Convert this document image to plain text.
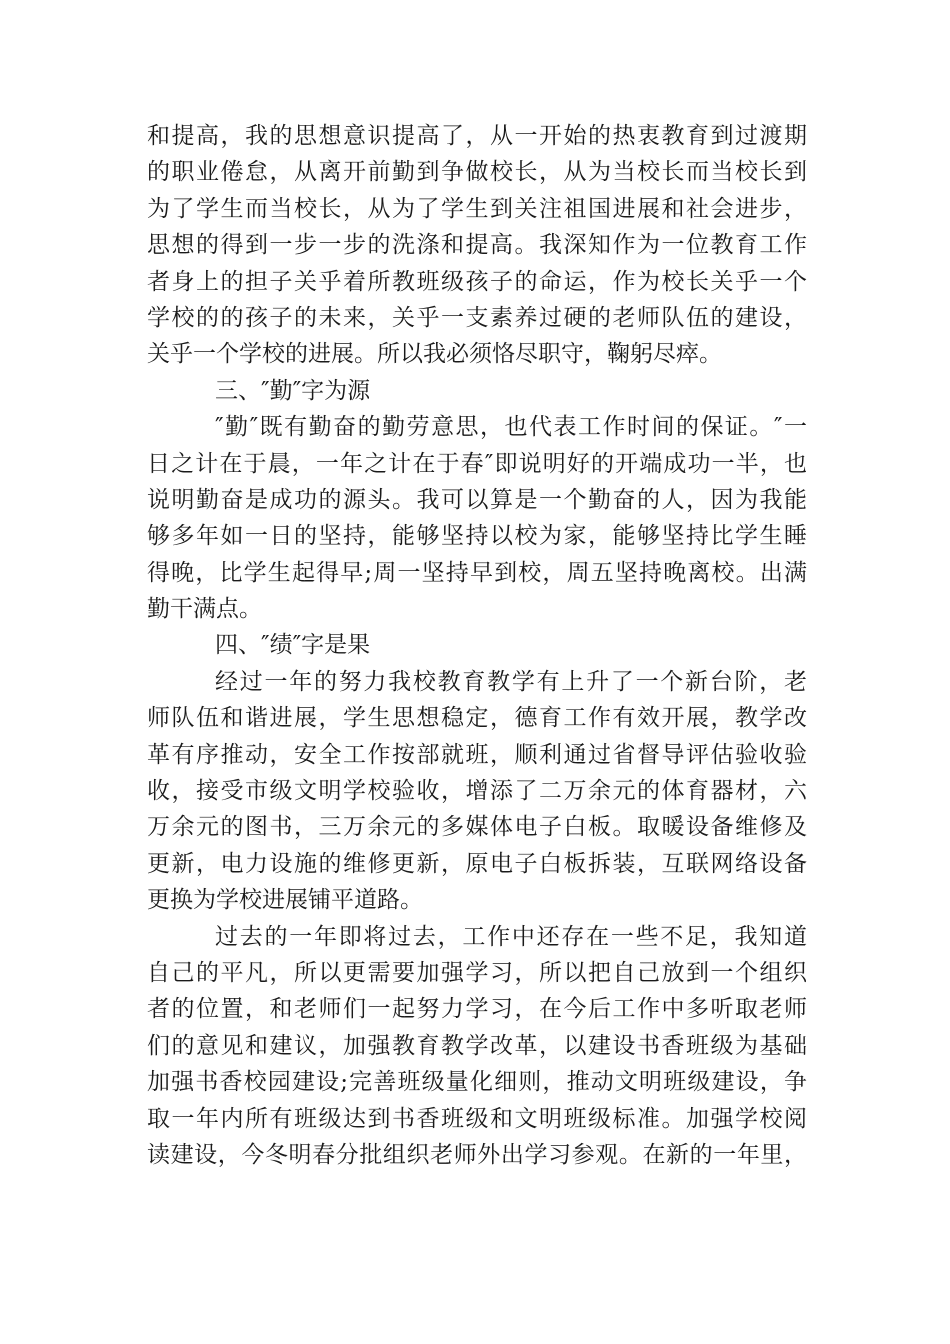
和提高，我的思想意识提高了，从一开始的热衷教育到过渡期
的职业倦怠，从离开前勤到争做校长，从为当校长而当校长到
为了学生而当校长，从为了学生到关注祖国进展和社会进步，
思想的得到一步一步的洗涤和提高。我深知作为一位教育工作
者身上的担子关乎着所教班级孩子的命运，作为校长关乎一个
学校的的孩子的未来，关乎一支素养过硬的老师队伍的建设，
关乎一个学校的进展。所以我必须恪尽职守，鞠躬尽瘁。
三、″勤″字为源
″勤″既有勤奋的勤劳意思，也代表工作时间的保证。″一
日之计在于晨，一年之计在于春″即说明好的开端成功一半，也
说明勤奋是成功的源头。我可以算是一个勤奋的人，因为我能
够多年如一日的坚持，能够坚持以校为家，能够坚持比学生睡
得晚，比学生起得早;周一坚持早到校，周五坚持晚离校。出满
勤干满点。
四、″绩″字是果
经过一年的努力我校教育教学有上升了一个新台阶，老
师队伍和谐进展，学生思想稳定，德育工作有效开展，教学改
革有序推动，安全工作按部就班，顺利通过省督导评估验收验
收，接受市级文明学校验收，增添了二万余元的体育器材，六
万余元的图书，三万余元的多媒体电子白板。取暖设备维修及
更新，电力设施的维修更新，原电子白板拆装，互联网络设备
更换为学校进展铺平道路。
过去的一年即将过去，工作中还存在一些不足，我知道
自己的平凡，所以更需要加强学习，所以把自己放到一个组织
者的位置，和老师们一起努力学习，在今后工作中多听取老师
们的意见和建议，加强教育教学改革，以建设书香班级为基础
加强书香校园建设;完善班级量化细则，推动文明班级建设，争
取一年内所有班级达到书香班级和文明班级标准。加强学校阅
读建设，今冬明春分批组织老师外出学习参观。在新的一年里，
